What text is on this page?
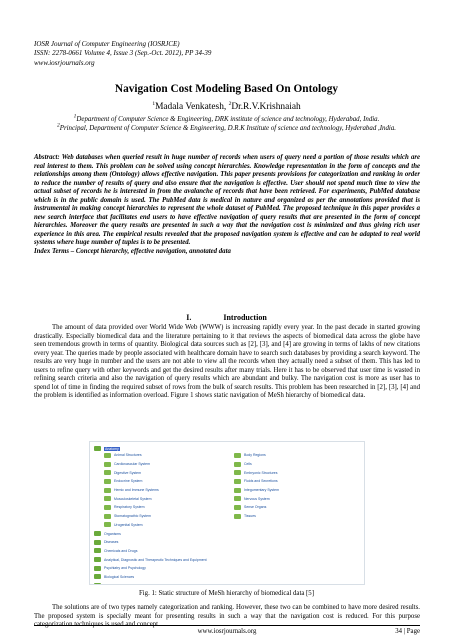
IOSR Journal of Computer Engineering (IOSRJCE)
ISSN: 2278-0661 Volume 4, Issue 3 (Sep.-Oct. 2012), PP 34-39
www.iosrjournals.org
Navigation Cost Modeling Based On Ontology
$^1$Madala Venkatesh, $^2$Dr.R.V.Krishnaiah
$^1$Department of Computer Science & Engineering, DRK institute of science and technology, Hyderabad, India.
$^2$Principal, Department of Computer Science & Engineering, D.R.K Institute of science and technology, Hyderabad ,India.
Abstract: Web databases when queried result in huge number of records when users of query need a portion of those results which are real interest to them. This problem can be solved using concept hierarchies. Knowledge representation in the form of concepts and the relationships among them (Ontology) allows effective navigation. This paper presents provisions for categorization and ranking in order to reduce the number of results of query and also ensure that the navigation is effective. User should not spend much time to view the actual subset of records he is interested in from the avalanche of records that have been retrieved. For experiments, PubMed database which is in the public domain is used. The PubMed data is medical in nature and organized as per the annotations provided that is instrumental in making concept hierarchies to represent the whole dataset of PubMed. The proposed technique in this paper provides a new search interface that facilitates end users to have effective navigation of query results that are presented in the form of concept hierarchies. Moreover the query results are presented in such a way that the navigation cost is minimized and thus giving rich user experience in this area. The empirical results revealed that the proposed navigation system is effective and can be adapted to real world systems where huge number of tuples is to be presented.
Index Terms – Concept hierarchy, effective navigation, annotated data
I.	Introduction
The amount of data provided over World Wide Web (WWW) is increasing rapidly every year. In the past decade in started growing drastically. Especially biomedical data and the literature pertaining to it that reviews the aspects of biomedical data across the globe have seen tremendous growth in terms of quantity. Biological data sources such as [2], [3], and [4] are growing in terms of lakhs of new citations every year. The queries made by people associated with healthcare domain have to search such databases by providing a search keyword. The results are very huge in number and the users are not able to view all the records when they actually need a subset of them. This has led to users to refine query with other keywords and get the desired results after many trials. Here it has to be observed that user time is wasted in refining search criteria and also the navigation of query results which are abundant and bulky. The navigation cost is more as user has to spend lot of time in finding the required subset of rows from the bulk of search results. This problem has been researched in [2], [3], [4] and the problem is identified as information overload. Figure 1 shows static navigation of MeSh hierarchy of biomedical data.
Anatomy
Animal Structures
Cardiovascular System
Digestive System
Endocrine System
Hemic and Immune Systems
Musculoskeletal System
Respiratory System
Stomatognathic System
Urogenital System
Body Regions
Cells
Embryonic Structures
Fluids and Secretions
Integumentary System
Nervous System
Sense Organs
Tissues
Organisms
Diseases
Chemicals and Drugs
Analytical, Diagnostic and Therapeutic Techniques and Equipment
Psychiatry and Psychology
Biological Sciences
Fig. 1: Static structure of MeSh hierarchy of biomedical data [5]
The solutions are of two types namely categorization and ranking. However, these two can be combined to have more desired results. The proposed system is specially meant for presenting results in such a way that the navigation cost is reduced. For this purpose categorization techniques is used and concept
www.iosrjournals.org	34 | Page
